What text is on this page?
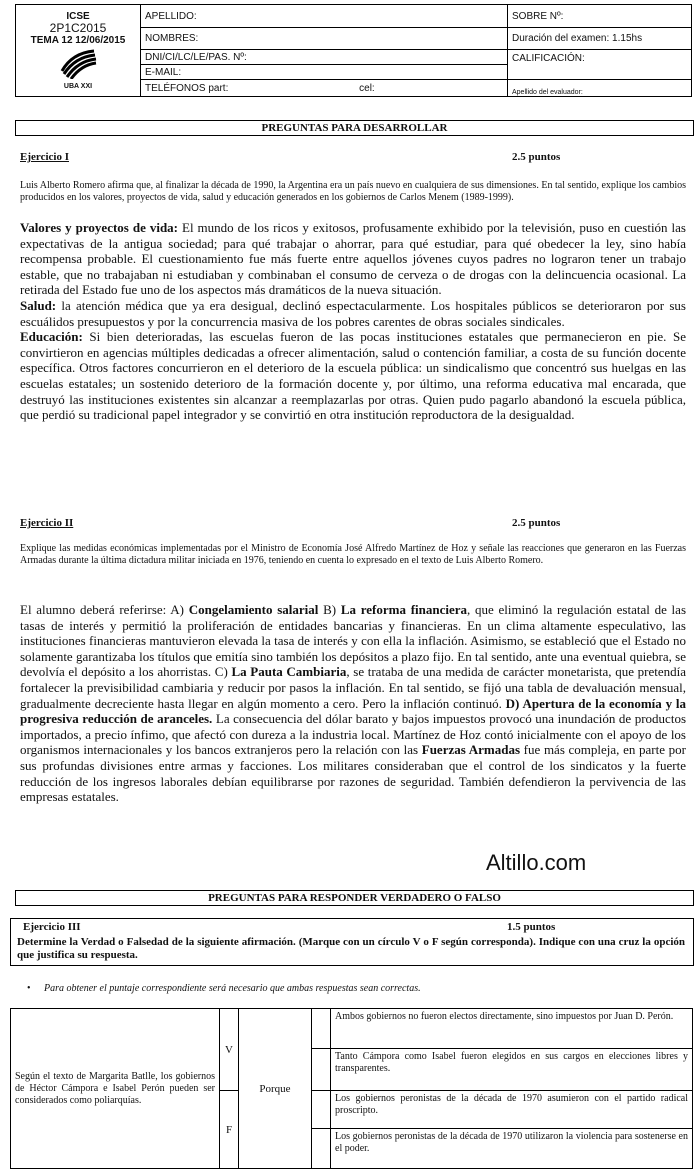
ICSE
2P1C2015
TEMA 12 12/06/2015
UBA XXI	APELLIDO:	SOBRE Nº:
	NOMBRES:	Duración del examen: 1.15hs
	DNI/CI/LC/LE/PAS. Nº:	CALIFICACIÓN:
	E-MAIL:	
	TELÉFONOS part: cel:	Apellido del evaluador:
PREGUNTAS PARA DESARROLLAR
Ejercicio I	2.5 puntos
Luis Alberto Romero afirma que, al finalizar la década de 1990, la Argentina era un país nuevo en cualquiera de sus dimensiones. En tal sentido, explique los cambios producidos en los valores, proyectos de vida, salud y educación generados en los gobiernos de Carlos Menem (1989-1999).
Valores y proyectos de vida: El mundo de los ricos y exitosos, profusamente exhibido por la televisión, puso en cuestión las expectativas de la antigua sociedad; para qué trabajar o ahorrar, para qué estudiar, para qué obedecer la ley, sino había recompensa probable. El cuestionamiento fue más fuerte entre aquellos jóvenes cuyos padres no lograron tener un trabajo estable, que no trabajaban ni estudiaban y combinaban el consumo de cerveza o de drogas con la delincuencia ocasional. La retirada del Estado fue uno de los aspectos más dramáticos de la nueva situación.
Salud: la atención médica que ya era desigual, declinó espectacularmente. Los hospitales públicos se deterioraron por sus escuálidos presupuestos y por la concurrencia masiva de los pobres carentes de obras sociales sindicales.
Educación: Si bien deterioradas, las escuelas fueron de las pocas instituciones estatales que permanecieron en pie. Se convirtieron en agencias múltiples dedicadas a ofrecer alimentación, salud o contención familiar, a costa de su función docente específica. Otros factores concurrieron en el deterioro de la escuela pública: un sindicalismo que concentró sus huelgas en las escuelas estatales; un sostenido deterioro de la formación docente y, por último, una reforma educativa mal encarada, que destruyó las instituciones existentes sin alcanzar a reemplazarlas por otras. Quien pudo pagarlo abandonó la escuela pública, que perdió su tradicional papel integrador y se convirtió en otra institución reproductora de la desigualdad.
Ejercicio II	2.5 puntos
Explique las medidas económicas implementadas por el Ministro de Economía José Alfredo Martínez de Hoz y señale las reacciones que generaron en las Fuerzas Armadas durante la última dictadura militar iniciada en 1976, teniendo en cuenta lo expresado en el texto de Luis Alberto Romero.
El alumno deberá referirse: A) Congelamiento salarial B) La reforma financiera, que eliminó la regulación estatal de las tasas de interés y permitió la proliferación de entidades bancarias y financieras. En un clima altamente especulativo, las instituciones financieras mantuvieron elevada la tasa de interés y con ella la inflación. Asimismo, se estableció que el Estado no solamente garantizaba los títulos que emitía sino también los depósitos a plazo fijo. En tal sentido, ante una eventual quiebra, se devolvía el depósito a los ahorristas. C) La Pauta Cambiaria, se trataba de una medida de carácter monetarista, que pretendía fortalecer la previsibilidad cambiaria y reducir por pasos la inflación. En tal sentido, se fijó una tabla de devaluación mensual, gradualmente decreciente hasta llegar en algún momento a cero. Pero la inflación continuó. D) Apertura de la economía y la progresiva reducción de aranceles. La consecuencia del dólar barato y bajos impuestos provocó una inundación de productos importados, a precio ínfimo, que afectó con dureza a la industria local. Martínez de Hoz contó inicialmente con el apoyo de los organismos internacionales y los bancos extranjeros pero la relación con las Fuerzas Armadas fue más compleja, en parte por sus profundas divisiones entre armas y facciones. Los militares consideraban que el control de los sindicatos y la fuerte reducción de los ingresos laborales debían equilibrarse por razones de seguridad. También defendieron la pervivencia de las empresas estatales.
Altillo.com
PREGUNTAS PARA RESPONDER VERDADERO O FALSO
Ejercicio III	1.5 puntos
Determine la Verdad o Falsedad de la siguiente afirmación. (Marque con un círculo V o F según corresponda). Indique con una cruz la opción que justifica su respuesta.
• Para obtener el puntaje correspondiente será necesario que ambas respuestas sean correctas.
Según el texto de Margarita Batlle, los gobiernos de Héctor Cámpora e Isabel Perón pueden ser considerados como poliarquías.	V	Porque		Ambos gobiernos no fueron electos directamente, sino impuestos por Juan D. Perón.
				Tanto Cámpora como Isabel fueron elegidos en sus cargos en elecciones libres y transparentes.
	F			Los gobiernos peronistas de la década de 1970 asumieron con el partido radical proscripto.
				Los gobiernos peronistas de la década de 1970 utilizaron la violencia para sostenerse en el poder.
